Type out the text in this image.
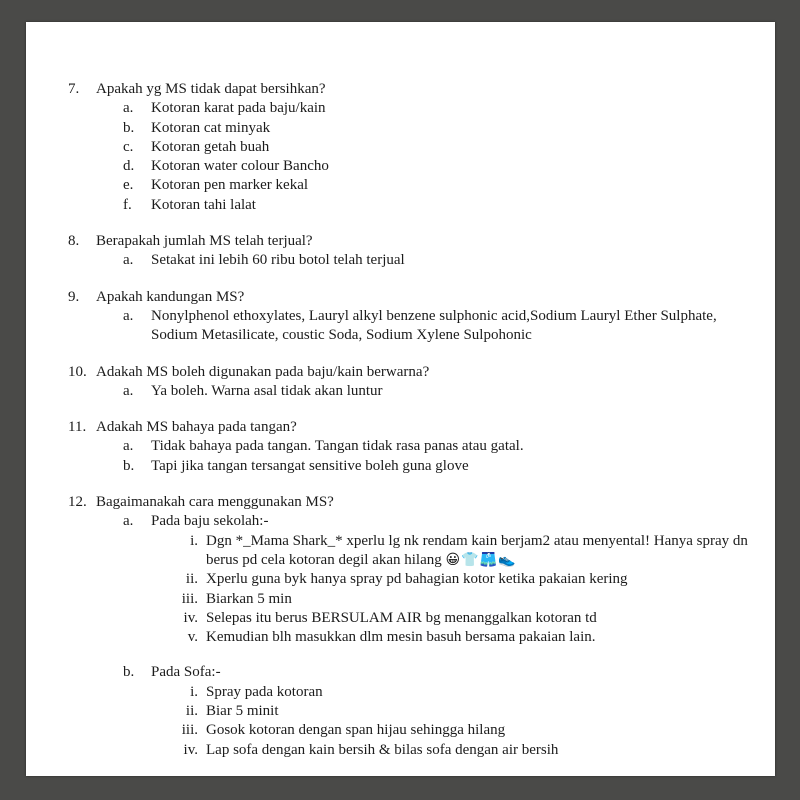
7. Apakah yg MS tidak dapat bersihkan?
a. Kotoran karat pada baju/kain
b. Kotoran cat minyak
c. Kotoran getah buah
d. Kotoran water colour Bancho
e. Kotoran pen marker kekal
f. Kotoran tahi lalat
8. Berapakah jumlah MS telah terjual?
a. Setakat ini lebih 60 ribu botol telah terjual
9. Apakah kandungan MS?
a. Nonylphenol ethoxylates, Lauryl alkyl benzene sulphonic acid,Sodium Lauryl Ether Sulphate, Sodium Metasilicate, coustic Soda, Sodium Xylene Sulpohonic
10. Adakah MS boleh digunakan pada baju/kain berwarna?
a. Ya boleh. Warna asal tidak akan luntur
11. Adakah MS bahaya pada tangan?
a. Tidak bahaya pada tangan. Tangan tidak rasa panas atau gatal.
b. Tapi jika tangan tersangat sensitive boleh guna glove
12. Bagaimanakah cara menggunakan MS?
a. Pada baju sekolah:-
i. Dgn *_Mama Shark_* xperlu lg nk rendam kain berjam2 atau menyental! Hanya spray dn berus pd cela kotoran degil akan hilang 😀👕🩳👟
ii. Xperlu guna byk hanya spray pd bahagian kotor ketika pakaian kering
iii. Biarkan 5 min
iv. Selepas itu berus BERSULAM AIR bg menanggalkan kotoran td
v. Kemudian blh masukkan dlm mesin basuh bersama pakaian lain.
b. Pada Sofa:-
i. Spray pada kotoran
ii. Biar 5 minit
iii. Gosok kotoran dengan span hijau sehingga hilang
iv. Lap sofa dengan kain bersih & bilas sofa dengan air bersih
